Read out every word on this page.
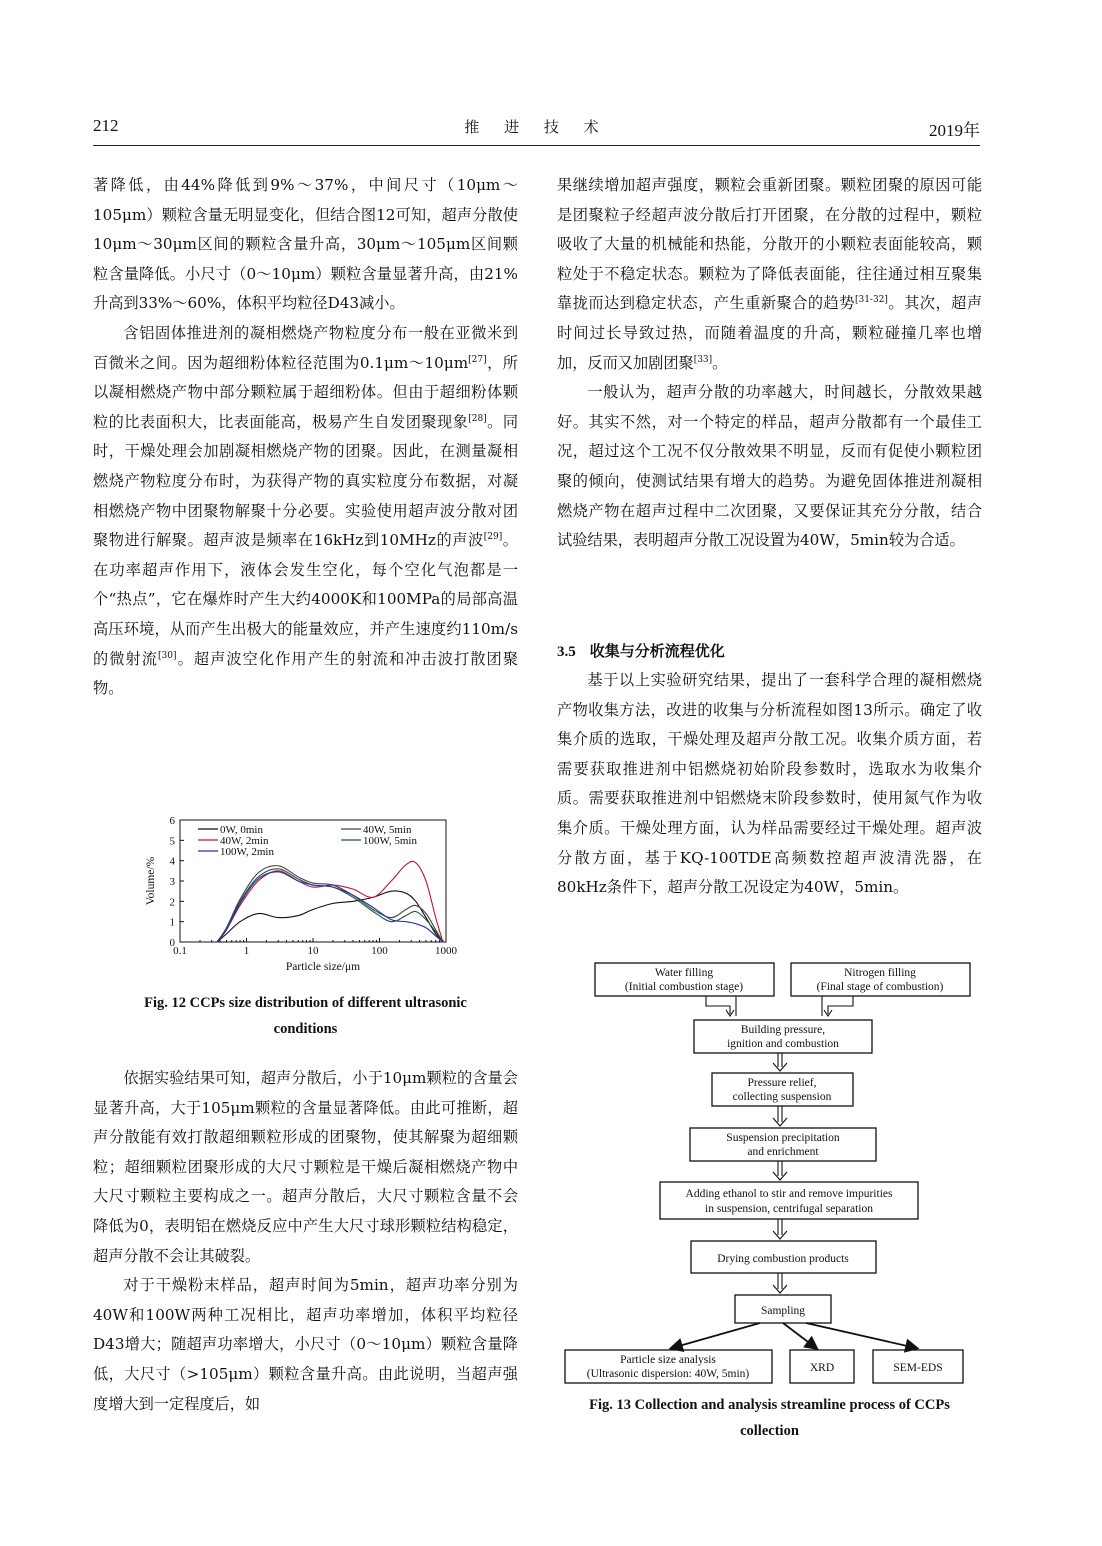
212	推 进 技 术	2019年

著降低，由44%降低到9%～37%，中间尺寸（10μm～105μm）颗粒含量无明显变化，但结合图12可知，超声分散使10μm～30μm区间的颗粒含量升高，30μm～105μm区间颗粒含量降低。小尺寸（0～10μm）颗粒含量显著升高，由21%升高到33%～60%，体积平均粒径D43减小。

含铝固体推进剂的凝相燃烧产物粒度分布一般在亚微米到百微米之间。因为超细粉体粒径范围为0.1μm～10μm[27]，所以凝相燃烧产物中部分颗粒属于超细粉体。但由于超细粉体颗粒的比表面积大，比表面能高，极易产生自发团聚现象[28]。同时，干燥处理会加剧凝相燃烧产物的团聚。因此，在测量凝相燃烧产物粒度分布时，为获得产物的真实粒度分布数据，对凝相燃烧产物中团聚物解聚十分必要。实验使用超声波分散对团聚物进行解聚。超声波是频率在16kHz到10MHz的声波[29]。在功率超声作用下，液体会发生空化，每个空化气泡都是一个“热点”，它在爆炸时产生大约4000K和100MPa的局部高温高压环境，从而产生出极大的能量效应，并产生速度约110m/s的微射流[30]。超声波空化作用产生的射流和冲击波打散团聚物。

0.1	1	10	100	1000
0
1
2
3
4
5
6
Particle size/μm
Volume/%
0W, 0min	40W, 5min
40W, 2min	100W, 5min
100W, 2min
Fig. 12 CCPs size distribution of different ultrasonic
conditions

依据实验结果可知，超声分散后，小于10μm颗粒的含量会显著升高，大于105μm颗粒的含量显著降低。由此可推断，超声分散能有效打散超细颗粒形成的团聚物，使其解聚为超细颗粒；超细颗粒团聚形成的大尺寸颗粒是干燥后凝相燃烧产物中大尺寸颗粒主要构成之一。超声分散后，大尺寸颗粒含量不会降低为0，表明铝在燃烧反应中产生大尺寸球形颗粒结构稳定，超声分散不会让其破裂。

对于干燥粉末样品，超声时间为5min，超声功率分别为40W和100W两种工况相比，超声功率增加，体积平均粒径D43增大；随超声功率增大，小尺寸（0～10μm）颗粒含量降低，大尺寸（>105μm）颗粒含量升高。由此说明，当超声强度增大到一定程度后，如

果继续增加超声强度，颗粒会重新团聚。颗粒团聚的原因可能是团聚粒子经超声波分散后打开团聚，在分散的过程中，颗粒吸收了大量的机械能和热能，分散开的小颗粒表面能较高，颗粒处于不稳定状态。颗粒为了降低表面能，往往通过相互聚集靠拢而达到稳定状态，产生重新聚合的趋势[31-32]。其次，超声时间过长导致过热，而随着温度的升高，颗粒碰撞几率也增加，反而又加剧团聚[33]。

一般认为，超声分散的功率越大，时间越长，分散效果越好。其实不然，对一个特定的样品，超声分散都有一个最佳工况，超过这个工况不仅分散效果不明显，反而有促使小颗粒团聚的倾向，使测试结果有增大的趋势。为避免固体推进剂凝相燃烧产物在超声过程中二次团聚，又要保证其充分分散，结合试验结果，表明超声分散工况设置为40W，5min较为合适。

3.5 收集与分析流程优化

基于以上实验研究结果，提出了一套科学合理的凝相燃烧产物收集方法，改进的收集与分析流程如图13所示。确定了收集介质的选取，干燥处理及超声分散工况。收集介质方面，若需要获取推进剂中铝燃烧初始阶段参数时，选取水为收集介质。需要获取推进剂中铝燃烧末阶段参数时，使用氮气作为收集介质。干燥处理方面，认为样品需要经过干燥处理。超声波分散方面，基于KQ-100TDE高频数控超声波清洗器，在80kHz条件下，超声分散工况设定为40W，5min。

Water filling
(Initial combustion stage)
Nitrogen filling
(Final stage of combustion)
Building pressure,
ignition and combustion
Pressure relief,
collecting suspension
Suspension precipitation
and enrichment
Adding ethanol to stir and remove impurities
in suspension, centrifugal separation
Drying combustion products
Sampling
Particle size analysis
(Ultrasonic dispersion: 40W, 5min)	XRD	SEM-EDS
Fig. 13 Collection and analysis streamline process of CCPs
collection
